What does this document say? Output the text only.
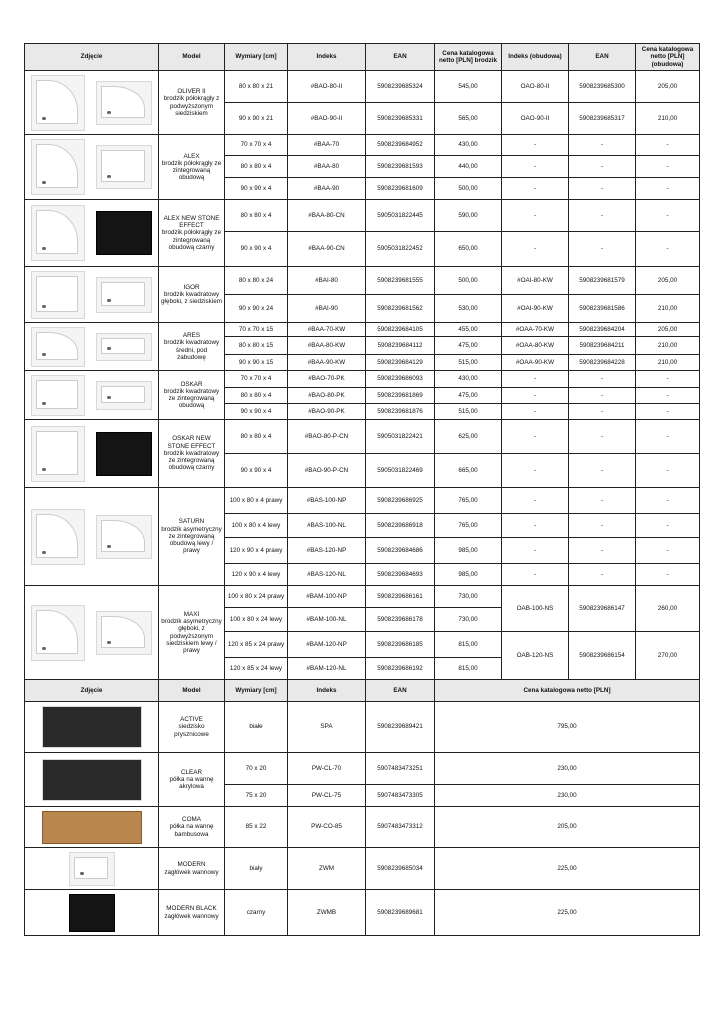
Zdjęcie	Model	Wymiary [cm]	Indeks	EAN	Cena katalogowa netto [PLN] brodzik	Indeks (obudowa)	EAN	Cena katalogowa netto [PLN] (obudowa)

	OLIVER II
brodzik półokrągły z podwyższonym siedziskiem	80 x 80 x 21	#BAO-80-II	5908239685324	545,00	OAO-80-II	5908239685300	205,00
		90 x 90 x 21	#BAO-90-II	5908239685331	565,00	OAO-90-II	5908239685317	210,00

	ALEX
brodzik półokrągły ze zintegrowaną obudową	70 x 70 x 4	#BAA-70	5908239684952	430,00	-	-	-
		80 x 80 x 4	#BAA-80	5908239681593	440,00	-	-	-
		90 x 90 x 4	#BAA-90	5908239681609	500,00	-	-	-

	ALEX NEW STONE EFFECT
brodzik półokrągły ze zintegrowaną obudową czarny	80 x 80 x 4	#BAA-80-CN	5905031822445	590,00	-	-	-
		90 x 90 x 4	#BAA-90-CN	5905031822452	650,00	-	-	-

	IGOR
brodzik kwadratowy głęboki, z siedziskiem	80 x 80 x 24	#BAI-80	5908239681555	500,00	#OAI-80-KW	5908239681579	205,00
		90 x 90 x 24	#BAI-90	5908239681562	530,00	#OAI-90-KW	5908239681586	210,00

	ARES
brodzik kwadratowy średni, pod zabudowę	70 x 70 x 15	#BAA-70-KW	5908239684105	455,00	#OAA-70-KW	5908239684204	205,00
		80 x 80 x 15	#BAA-80-KW	5908239684112	475,00	#OAA-80-KW	5908239684211	210,00
		90 x 90 x 15	#BAA-90-KW	5908239684129	515,00	#OAA-90-KW	5908239684228	210,00

	OSKAR
brodzik kwadratowy ze zintegrowaną obudową	70 x 70 x 4	#BAO-70-PK	5908239686093	430,00	-	-	-
		80 x 80 x 4	#BAO-80-PK	5908239681869	475,00	-	-	-
		90 x 90 x 4	#BAO-90-PK	5908239681876	515,00	-	-	-

	OSKAR NEW STONE EFFECT
brodzik kwadratowy ze zintegrowaną obudową czarny	80 x 80 x 4	#BAO-80-P-CN	5905031822421	625,00	-	-	-
		90 x 90 x 4	#BAO-90-P-CN	5905031822469	665,00	-	-	-

	SATURN
brodzik asymetryczny ze zintegrowaną obudową lewy / prawy	100 x 80 x 4 prawy	#BAS-100-NP	5908239686925	765,00	-	-	-
		100 x 80 x 4 lewy	#BAS-100-NL	5908239686918	765,00	-	-	-
		120 x 90 x 4 prawy	#BAS-120-NP	5908239684686	985,00	-	-	-
		120 x 90 x 4 lewy	#BAS-120-NL	5908239684693	985,00	-	-	-

	MAXI
brodzik asymetryczny głęboki, z podwyższonym siedziskiem lewy / prawy	100 x 80 x 24 prawy	#BAM-100-NP	5908239686161	730,00	OAB-100-NS	5908239686147	260,00
		100 x 80 x 24 lewy	#BAM-100-NL	5908239686178	730,00			
		120 x 85 x 24 prawy	#BAM-120-NP	5908239686185	815,00	OAB-120-NS	5908239686154	270,00
		120 x 85 x 24 lewy	#BAM-120-NL	5908239686192	815,00			
Zdjęcie	Model	Wymiary [cm]	Indeks	EAN	Cena katalogowa netto [PLN]			

	ACTIVE
siedzisko prysznicowe	białe	SPA	5908239689421	795,00			

	CLEAR
półka na wannę akrylowa	70 x 20	PW-CL-70	5907483473251	230,00			
		75 x 20	PW-CL-75	5907483473305	230,00			

	COMA
półka na wannę bambusowa	85 x 22	PW-CO-85	5907483473312	205,00			

	MODERN
zagłówek wannowy	biały	ZWM	5908239685034	225,00			

	MODERN BLACK
zagłówek wannowy	czarny	ZWMB	5908239689681	225,00			
